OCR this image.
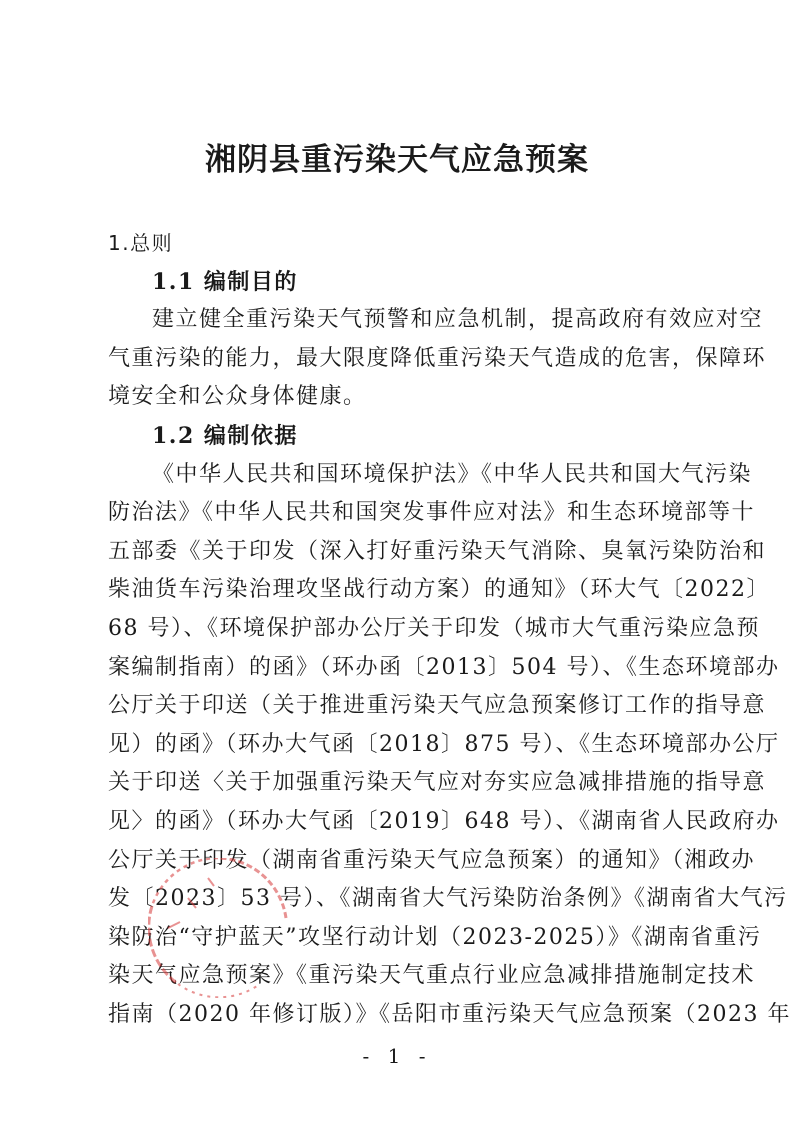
湘阴县重污染天气应急预案

1.总则

1.1 编制目的

建立健全重污染天气预警和应急机制，提高政府有效应对空

气重污染的能力，最大限度降低重污染天气造成的危害，保障环

境安全和公众身体健康。

1.2 编制依据

《中华人民共和国环境保护法》《中华人民共和国大气污染

防治法》《中华人民共和国突发事件应对法》和生态环境部等十

五部委《关于印发（深入打好重污染天气消除、臭氧污染防治和

柴油货车污染治理攻坚战行动方案）的通知》（环大气〔2022〕

68 号）、《环境保护部办公厅关于印发（城市大气重污染应急预

案编制指南）的函》（环办函〔2013〕504 号）、《生态环境部办

公厅关于印送（关于推进重污染天气应急预案修订工作的指导意

见）的函》（环办大气函〔2018〕875 号）、《生态环境部办公厅

关于印送〈关于加强重污染天气应对夯实应急减排措施的指导意

见〉的函》（环办大气函〔2019〕648 号）、《湖南省人民政府办

公厅关于印发（湖南省重污染天气应急预案）的通知》（湘政办

发〔2023〕53 号）、《湖南省大气污染防治条例》《湖南省大气污

染防治“守护蓝天”攻坚行动计划（2023-2025）》《湖南省重污

染天气应急预案》《重污染天气重点行业应急减排措施制定技术

指南（2020 年修订版）》《岳阳市重污染天气应急预案（2023 年

- 1 -
